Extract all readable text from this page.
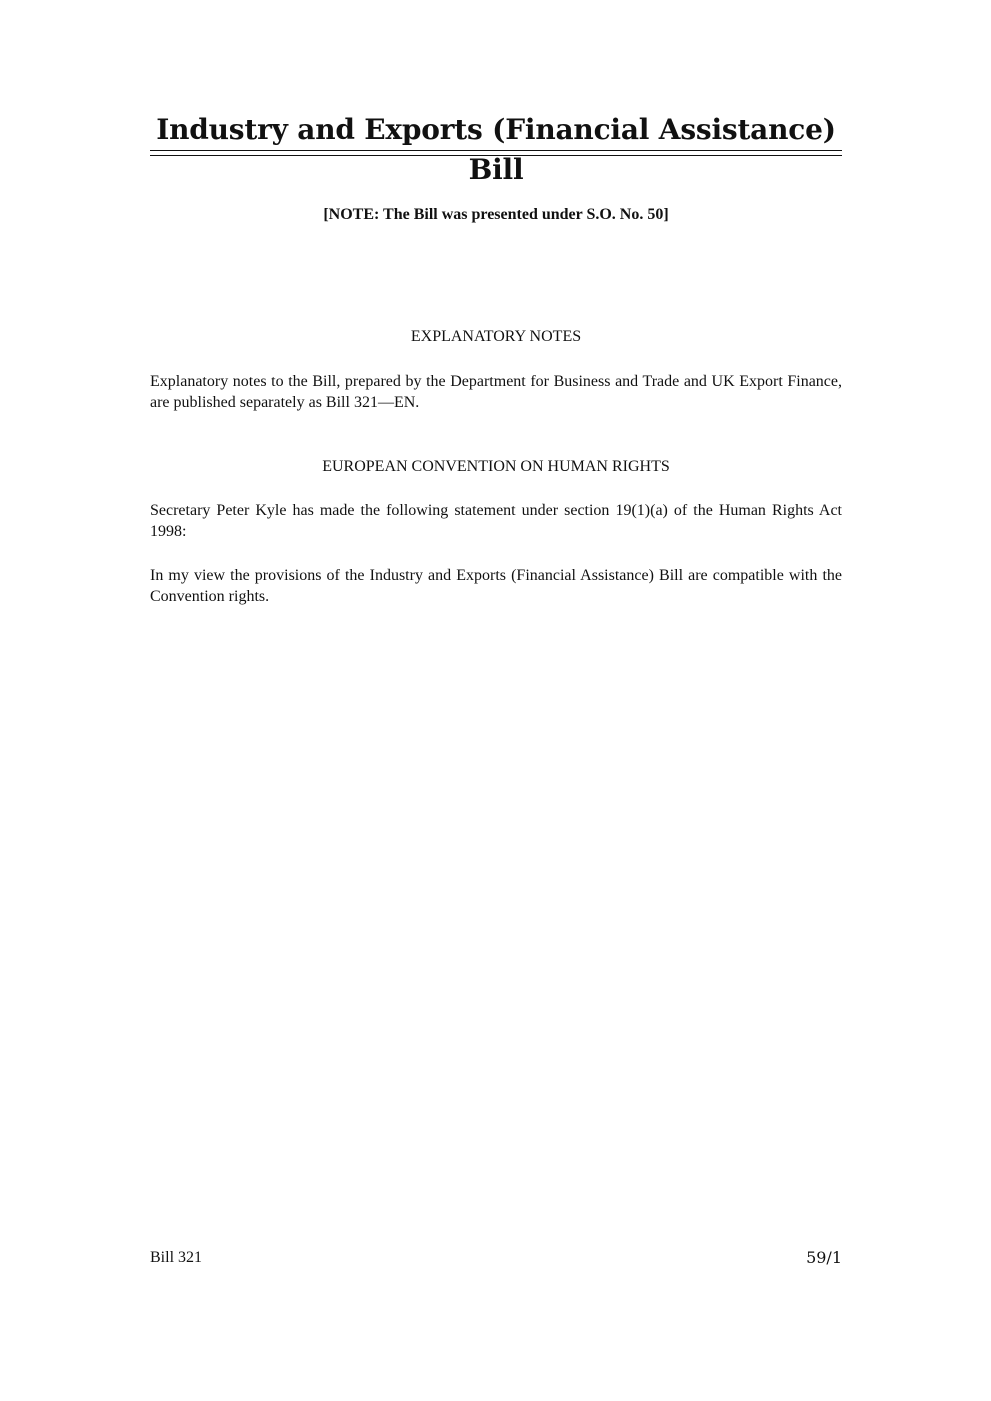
Industry and Exports (Financial Assistance) Bill

[NOTE: The Bill was presented under S.O. No. 50]

EXPLANATORY NOTES

Explanatory notes to the Bill, prepared by the Department for Business and Trade and UK Export Finance, are published separately as Bill 321—EN.

EUROPEAN CONVENTION ON HUMAN RIGHTS

Secretary Peter Kyle has made the following statement under section 19(1)(a) of the Human Rights Act 1998:

In my view the provisions of the Industry and Exports (Financial Assistance) Bill are compatible with the Convention rights.

Bill 321	59/1
